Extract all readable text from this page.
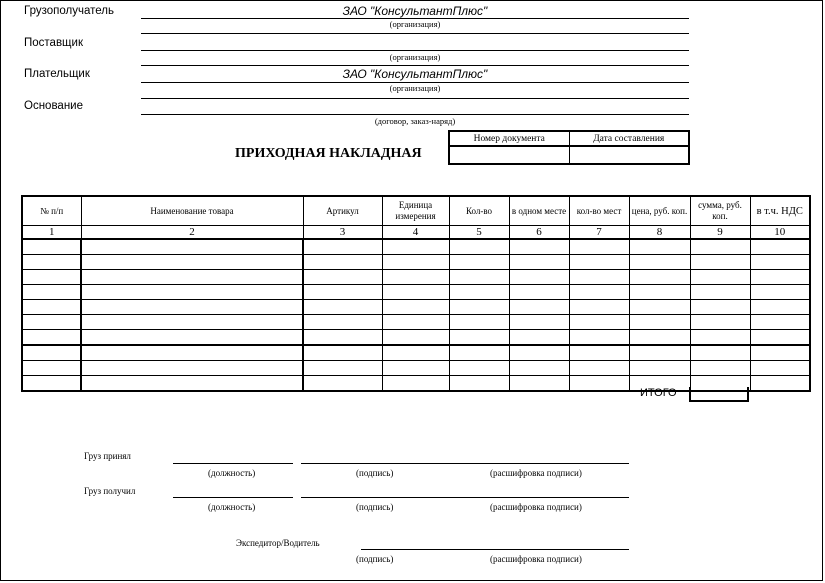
Грузополучатель	ЗАО "КонсультантПлюс"
(организация)
Поставщик
(организация)
Плательщик	ЗАО "КонсультантПлюс"
(организация)
Основание
(договор, заказ-наряд)
ПРИХОДНАЯ НАКЛАДНАЯ
Номер документа	Дата составления

№ п/п	Наименование товара	Артикул	Единица измерения	Кол-во	в одном месте	кол-во мест	цена, руб. коп.	сумма, руб. коп.	в т.ч. НДС
1	2	3	4	5	6	7	8	9	10

ИТОГО
Груз принял
(должность)	(подпись)	(расшифровка подписи)
Груз получил
(должность)	(подпись)	(расшифровка подписи)
Экспедитор/Водитель
(подпись)	(расшифровка подписи)
